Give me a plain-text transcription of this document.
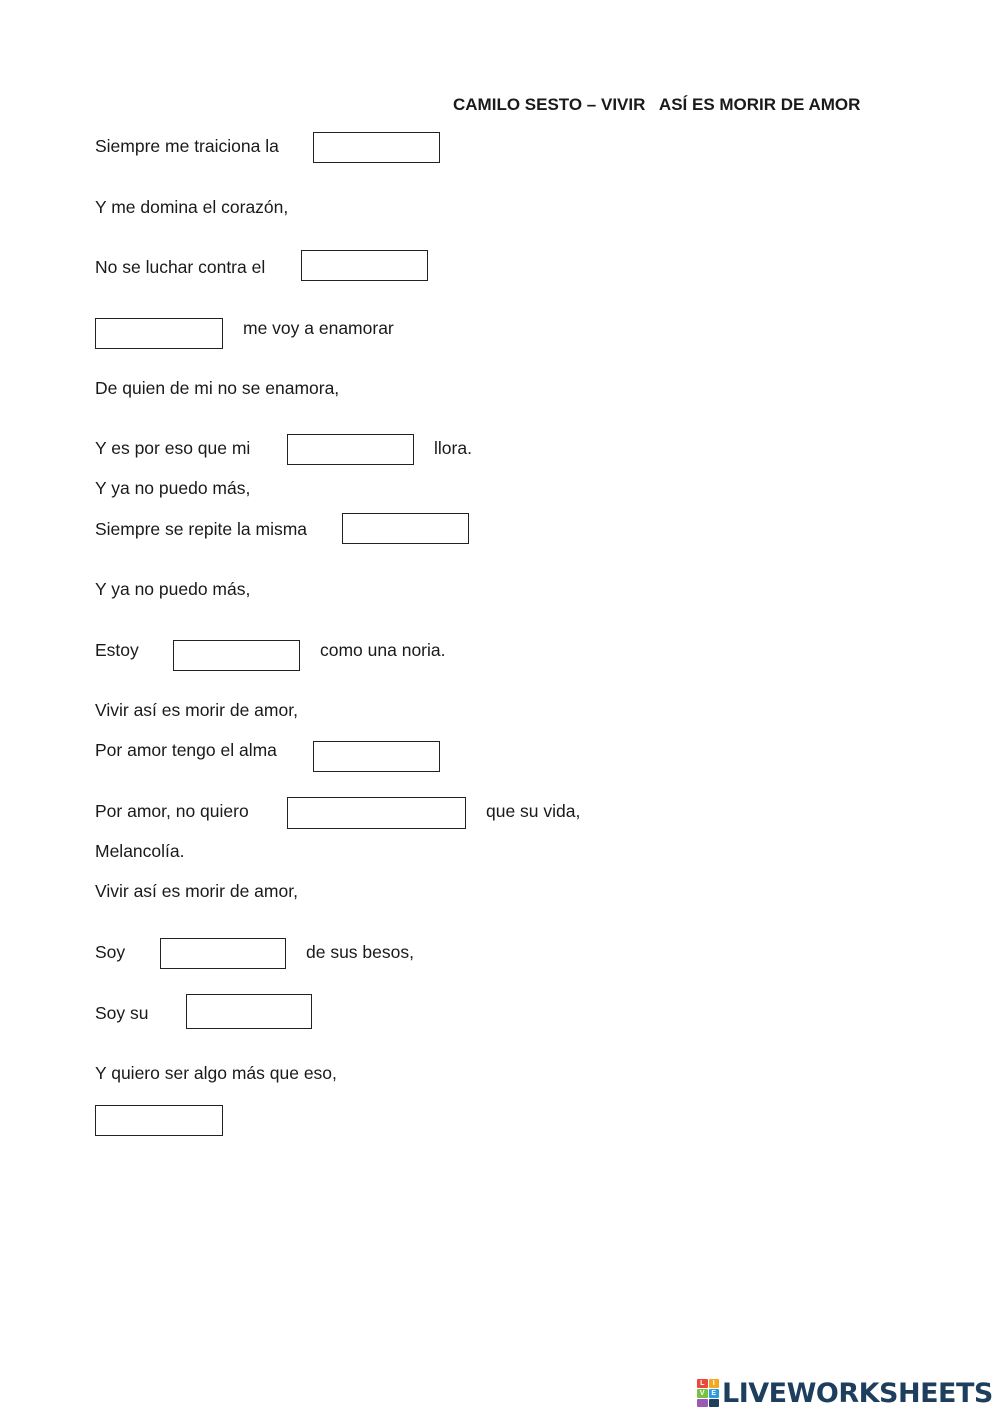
CAMILO SESTO – VIVIR   ASÍ ES MORIR DE AMOR
Siempre me traiciona la
Y me domina el corazón,
No se luchar contra el
me voy a enamorar
De quien de mi no se enamora,
Y es por eso que mi	llora.
Y ya no puedo más,
Siempre se repite la misma
Y ya no puedo más,
Estoy	como una noria.
Vivir así es morir de amor,
Por amor tengo el alma
Por amor, no quiero	que su vida,
Melancolía.
Vivir así es morir de amor,
Soy	de sus besos,
Soy su
Y quiero ser algo más que eso,
L	I
V E LIVEWORKSHEETS
